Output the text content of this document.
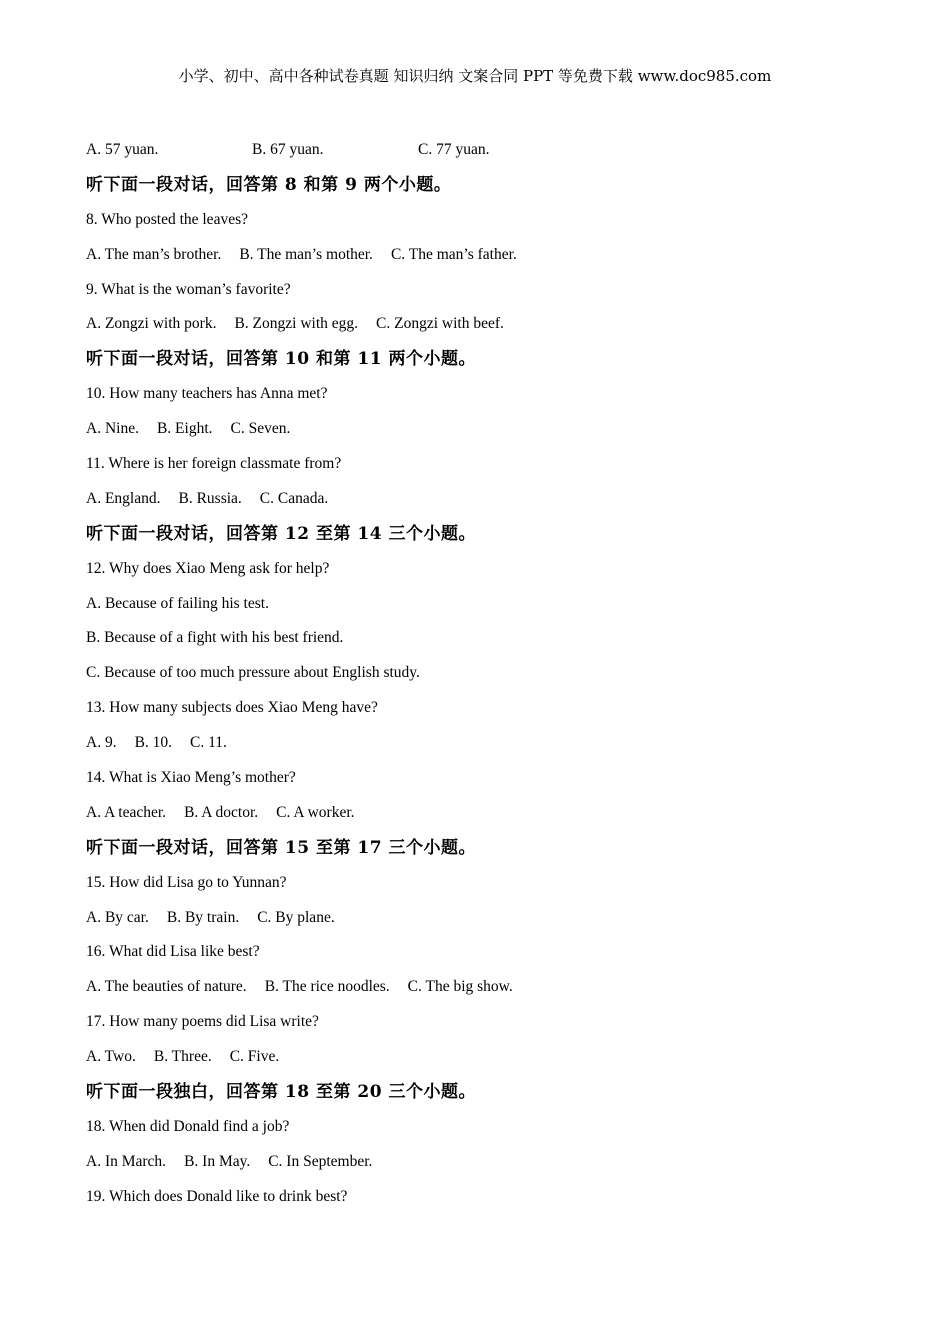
小学、初中、高中各种试卷真题 知识归纳 文案合同 PPT 等免费下载 www.doc985.com
A. 57 yuan.	B. 67 yuan.	C. 77 yuan.
听下面一段对话，回答第 8 和第 9 两个小题。
8. Who posted the leaves?
A. The man’s brother. B. The man’s mother. C. The man’s father.
9. What is the woman’s favorite?
A. Zongzi with pork. B. Zongzi with egg. C. Zongzi with beef.
听下面一段对话，回答第 10 和第 11 两个小题。
10. How many teachers has Anna met?
A. Nine. B. Eight. C. Seven.
11. Where is her foreign classmate from?
A. England. B. Russia. C. Canada.
听下面一段对话，回答第 12 至第 14 三个小题。
12. Why does Xiao Meng ask for help?
A. Because of failing his test.
B. Because of a fight with his best friend.
C. Because of too much pressure about English study.
13. How many subjects does Xiao Meng have?
A. 9. B. 10. C. 11.
14. What is Xiao Meng’s mother?
A. A teacher. B. A doctor. C. A worker.
听下面一段对话，回答第 15 至第 17 三个小题。
15. How did Lisa go to Yunnan?
A. By car. B. By train. C. By plane.
16. What did Lisa like best?
A. The beauties of nature. B. The rice noodles. C. The big show.
17. How many poems did Lisa write?
A. Two. B. Three. C. Five.
听下面一段独白，回答第 18 至第 20 三个小题。
18. When did Donald find a job?
A. In March. B. In May. C. In September.
19. Which does Donald like to drink best?
